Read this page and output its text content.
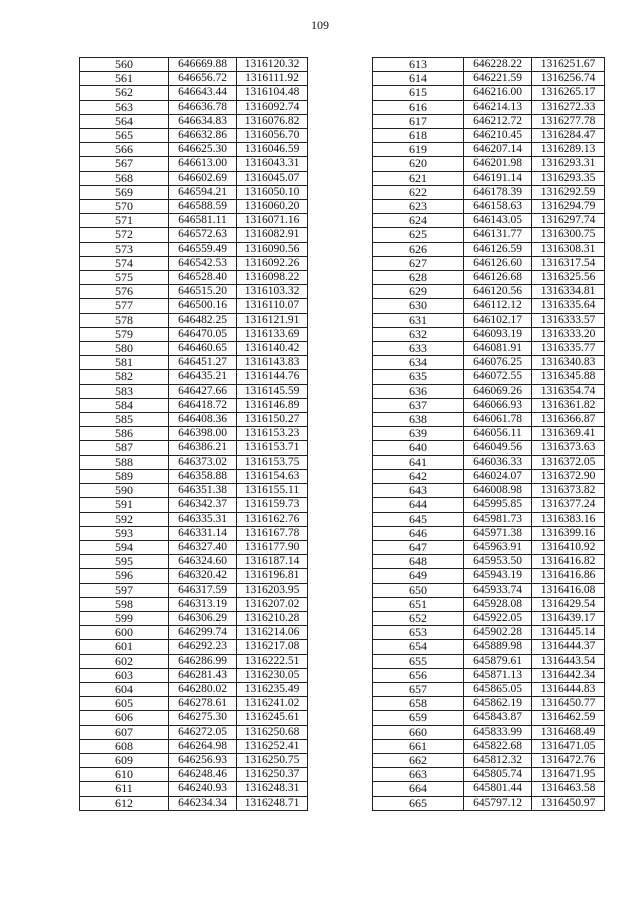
109
560	646669.88	1316120.32
561	646656.72	1316111.92
562	646643.44	1316104.48
563	646636.78	1316092.74
564	646634.83	1316076.82
565	646632.86	1316056.70
566	646625.30	1316046.59
567	646613.00	1316043.31
568	646602.69	1316045.07
569	646594.21	1316050.10
570	646588.59	1316060.20
571	646581.11	1316071.16
572	646572.63	1316082.91
573	646559.49	1316090.56
574	646542.53	1316092.26
575	646528.40	1316098.22
576	646515.20	1316103.32
577	646500.16	1316110.07
578	646482.25	1316121.91
579	646470.05	1316133.69
580	646460.65	1316140.42
581	646451.27	1316143.83
582	646435.21	1316144.76
583	646427.66	1316145.59
584	646418.72	1316146.89
585	646408.36	1316150.27
586	646398.00	1316153.23
587	646386.21	1316153.71
588	646373.02	1316153.75
589	646358.88	1316154.63
590	646351.38	1316155.11
591	646342.37	1316159.73
592	646335.31	1316162.76
593	646331.14	1316167.78
594	646327.40	1316177.90
595	646324.60	1316187.14
596	646320.42	1316196.81
597	646317.59	1316203.95
598	646313.19	1316207.02
599	646306.29	1316210.28
600	646299.74	1316214.06
601	646292.23	1316217.08
602	646286.99	1316222.51
603	646281.43	1316230.05
604	646280.02	1316235.49
605	646278.61	1316241.02
606	646275.30	1316245.61
607	646272.05	1316250.68
608	646264.98	1316252.41
609	646256.93	1316250.75
610	646248.46	1316250.37
611	646240.93	1316248.31
612	646234.34	1316248.71
613	646228.22	1316251.67
614	646221.59	1316256.74
615	646216.00	1316265.17
616	646214.13	1316272.33
617	646212.72	1316277.78
618	646210.45	1316284.47
619	646207.14	1316289.13
620	646201.98	1316293.31
621	646191.14	1316293.35
622	646178.39	1316292.59
623	646158.63	1316294.79
624	646143.05	1316297.74
625	646131.77	1316300.75
626	646126.59	1316308.31
627	646126.60	1316317.54
628	646126.68	1316325.56
629	646120.56	1316334.81
630	646112.12	1316335.64
631	646102.17	1316333.57
632	646093.19	1316333.20
633	646081.91	1316335.77
634	646076.25	1316340.83
635	646072.55	1316345.88
636	646069.26	1316354.74
637	646066.93	1316361.82
638	646061.78	1316366.87
639	646056.11	1316369.41
640	646049.56	1316373.63
641	646036.33	1316372.05
642	646024.07	1316372.90
643	646008.98	1316373.82
644	645995.85	1316377.24
645	645981.73	1316383.16
646	645971.38	1316399.16
647	645963.91	1316410.92
648	645953.50	1316416.82
649	645943.19	1316416.86
650	645933.74	1316416.08
651	645928.08	1316429.54
652	645922.05	1316439.17
653	645902.28	1316445.14
654	645889.98	1316444.37
655	645879.61	1316443.54
656	645871.13	1316442.34
657	645865.05	1316444.83
658	645862.19	1316450.77
659	645843.87	1316462.59
660	645833.99	1316468.49
661	645822.68	1316471.05
662	645812.32	1316472.76
663	645805.74	1316471.95
664	645801.44	1316463.58
665	645797.12	1316450.97
